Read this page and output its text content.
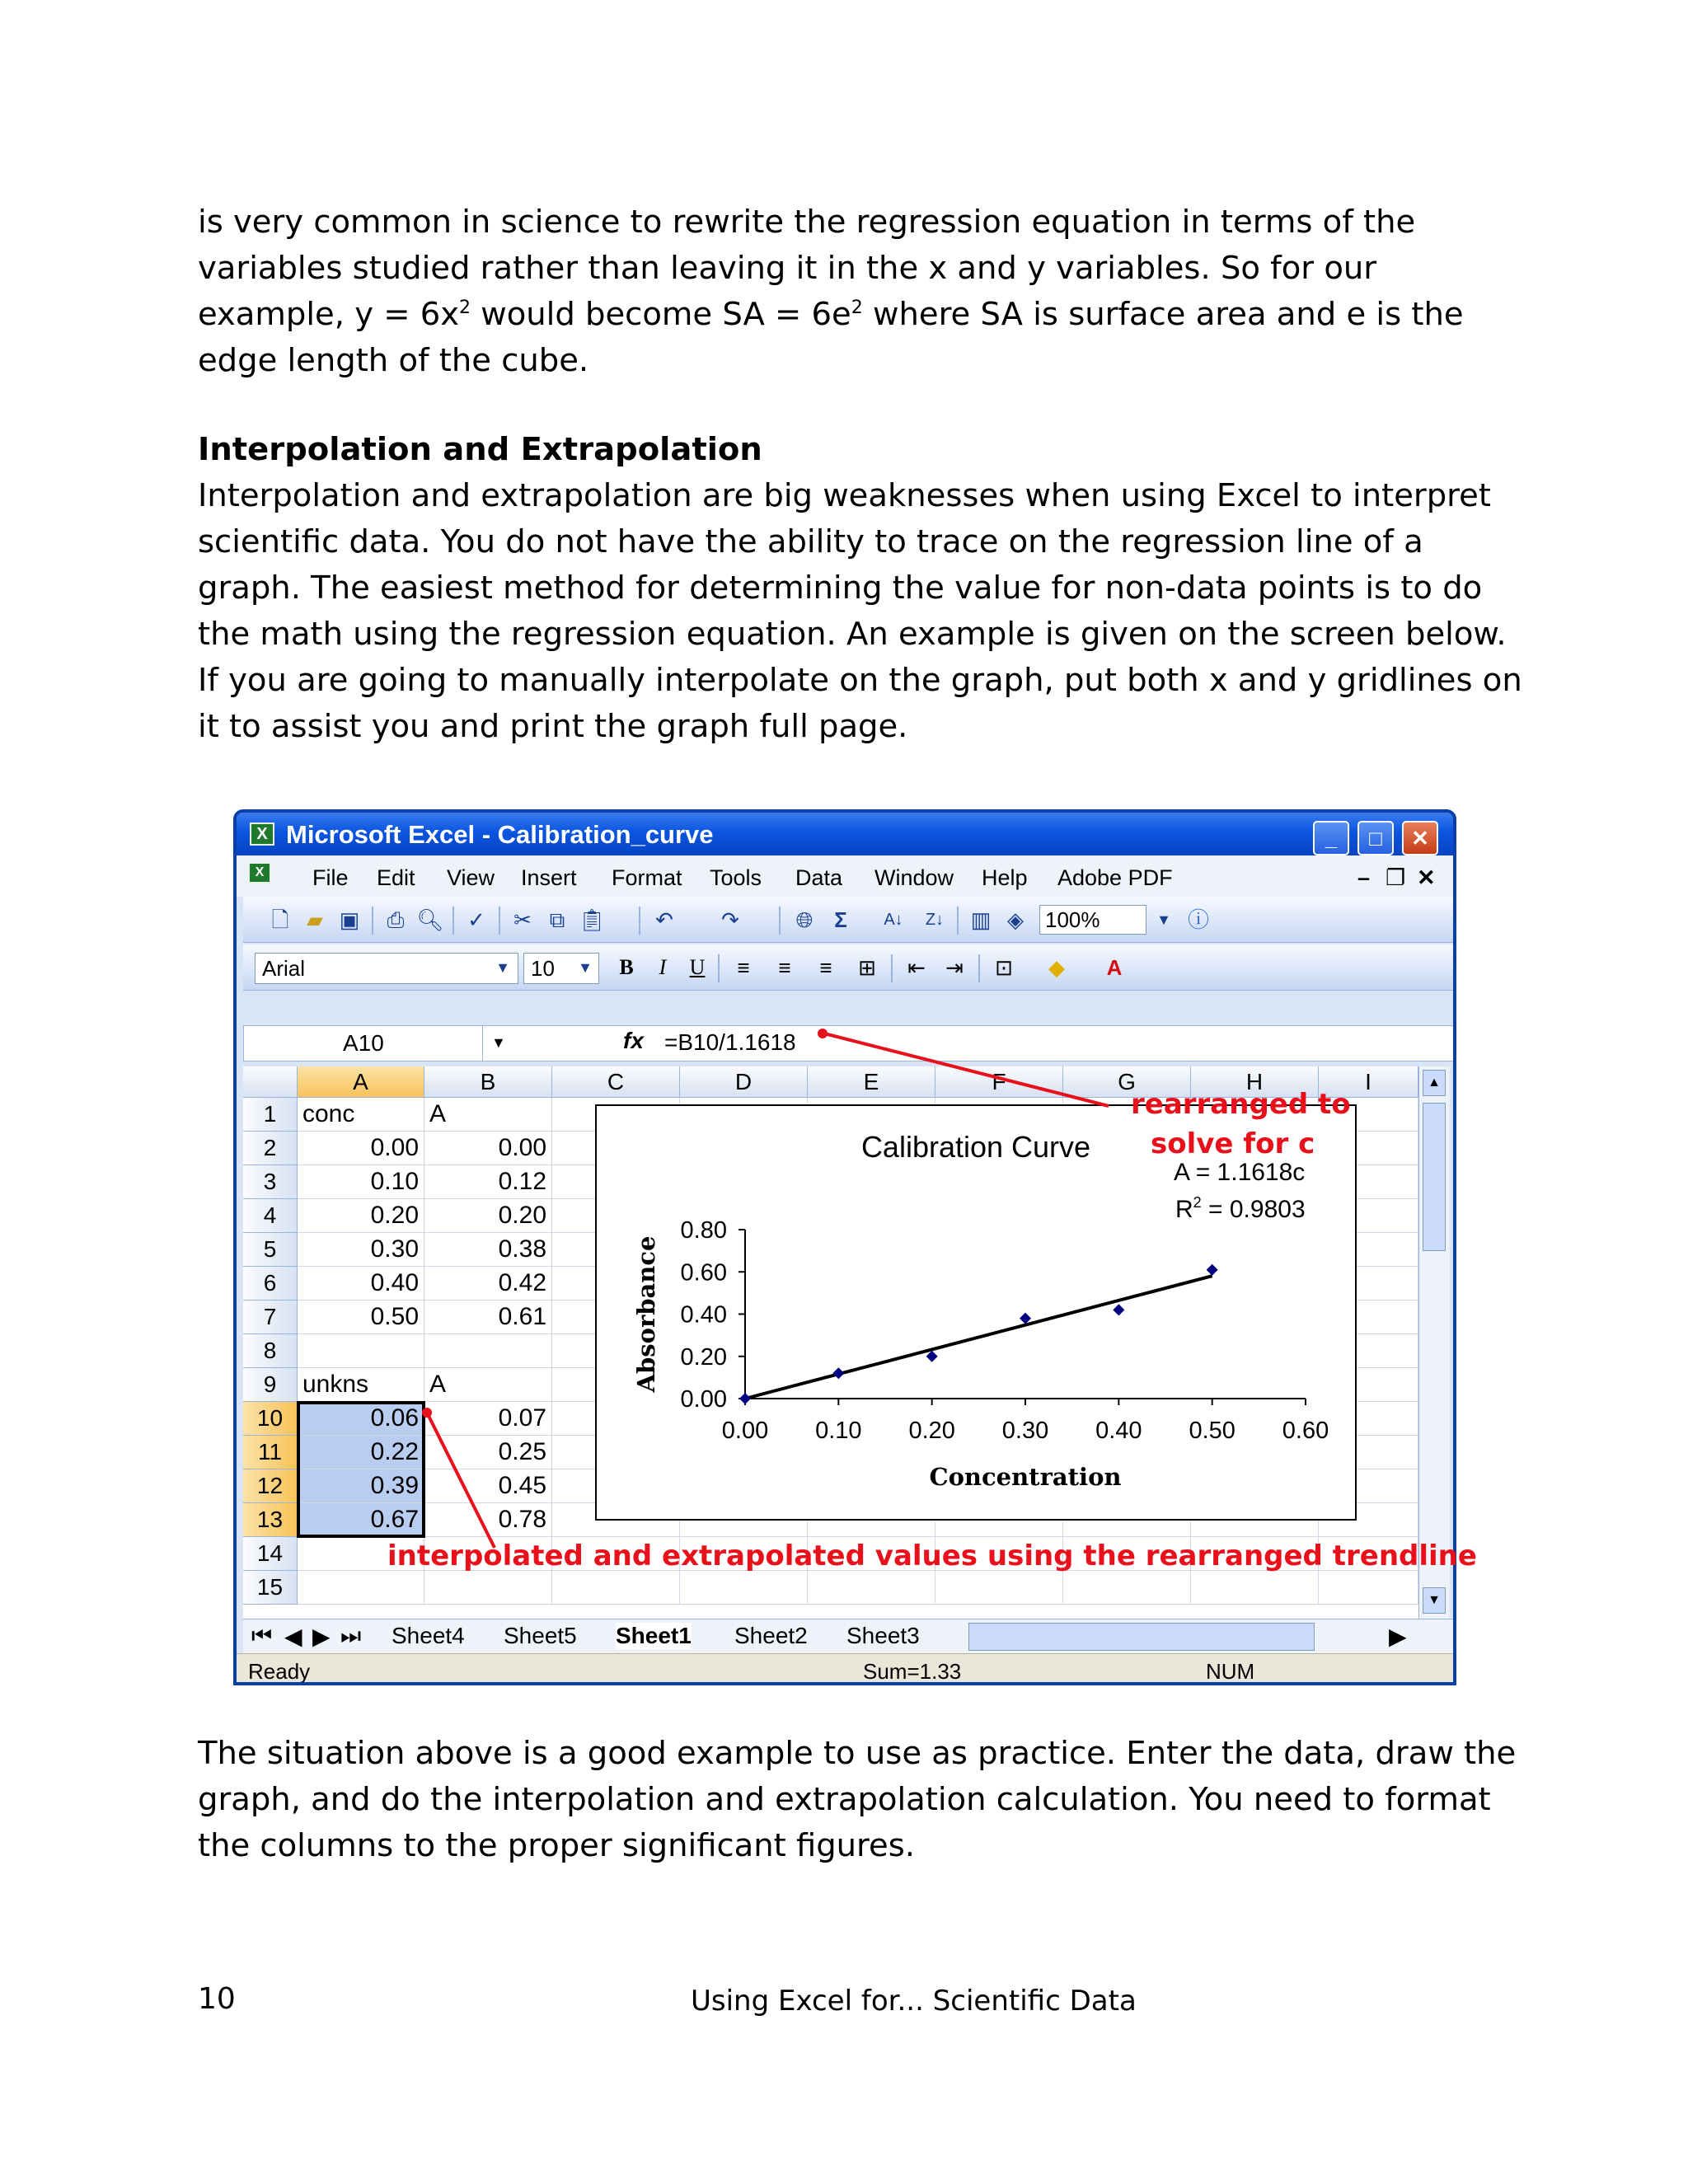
is very common in science to rewrite the regression equation in terms of the
variables studied rather than leaving it in the x and y variables. So for our
example, $y = 6x^2$ would become SA = $6e^2$ where SA is surface area and e is the
edge length of the cube.
Interpolation and Extrapolation
Interpolation and extrapolation are big weaknesses when using Excel to interpret
scientific data. You do not have the ability to trace on the regression line of a
graph. The easiest method for determining the value for non-data points is to do
the math using the regression equation. An example is given on the screen below.
If you are going to manually interpolate on the graph, put both x and y gridlines on
it to assist you and print the graph full page.
X Microsoft Excel - Calibration_curve	_	□	✕
X	File Edit View Insert Format Tools Data Window Help Adobe PDF	– ❐ ✕
🗋 ▰ ▣ ⎙ 🔍︎ ✓ ✂ ⧉ 📋︎ ↶ ↷	🌐︎ Σ	A↓ Z↓ ▥ ◈ 100%	▼ ⓘ
Arial	▼ 10	▼	B	I	U	≡	≡	≡	⊞ ⇤ ⇥ ⊡ ◆ A
A10	▼	fx =B10/1.1618
A	B	C	D	E	F	G	H	I
1	conc	A
2	0.00	0.00
3	0.10	0.12
4	0.20	0.20
5	0.30	0.38
6	0.40	0.42
7	0.50	0.61
8
9	unkns	A
10	0.06	0.07
11	0.22	0.25
12	0.39	0.45
13	0.67	0.78
14
15
▲
▼
⏮ ◀ ▶ ⏭ Sheet4 Sheet5 Sheet1 Sheet2 Sheet3	▶
Ready	Sum=1.33	NUM
Calibration Curve
Concentration
Absorbance
0.00 0.10 0.20 0.30 0.40 0.50 0.60
0.00
0.20
0.40
0.60
0.80
A = 1.1618c
$R^2 = 0.9803$
rearranged to
solve for c
interpolated and extrapolated values using the rearranged trendline
The situation above is a good example to use as practice. Enter the data, draw the
graph, and do the interpolation and extrapolation calculation. You need to format
the columns to the proper significant figures.
10	Using Excel for... Scientific Data
